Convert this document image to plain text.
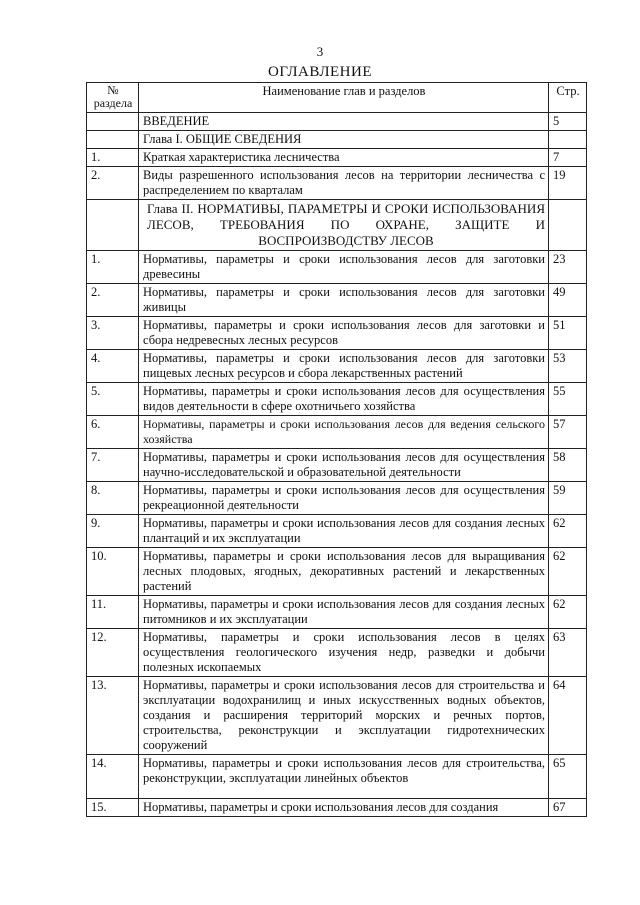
3
ОГЛАВЛЕНИЕ
№ раздела	Наименование глав и разделов	Стр.
	ВВЕДЕНИЕ	5
	Глава I. ОБЩИЕ СВЕДЕНИЯ	
1.	Краткая характеристика лесничества	7
2.	Виды разрешенного использования лесов на территории лесничества с распределением по кварталам	19
	Глава II. НОРМАТИВЫ, ПАРАМЕТРЫ И СРОКИ ИСПОЛЬЗОВАНИЯ ЛЕСОВ, ТРЕБОВАНИЯ ПО ОХРАНЕ, ЗАЩИТЕ И ВОСПРОИЗВОДСТВУ ЛЕСОВ	
1.	Нормативы, параметры и сроки использования лесов для заготовки древесины	23
2.	Нормативы, параметры и сроки использования лесов для заготовки живицы	49
3.	Нормативы, параметры и сроки использования лесов для заготовки и сбора недревесных лесных ресурсов	51
4.	Нормативы, параметры и сроки использования лесов для заготовки пищевых лесных ресурсов и сбора лекарственных растений	53
5.	Нормативы, параметры и сроки использования лесов для осуществления видов деятельности в сфере охотничьего хозяйства	55
6.	Нормативы, параметры и сроки использования лесов для ведения сельского хозяйства	57
7.	Нормативы, параметры и сроки использования лесов для осуществления научно-исследовательской и образовательной деятельности	58
8.	Нормативы, параметры и сроки использования лесов для осуществления рекреационной деятельности	59
9.	Нормативы, параметры и сроки использования лесов для создания лесных плантаций и их эксплуатации	62
10.	Нормативы, параметры и сроки использования лесов для выращивания лесных плодовых, ягодных, декоративных растений и лекарственных растений	62
11.	Нормативы, параметры и сроки использования лесов для создания лесных питомников и их эксплуатации	62
12.	Нормативы, параметры и сроки использования лесов в целях осуществления геологического изучения недр, разведки и добычи полезных ископаемых	63
13.	Нормативы, параметры и сроки использования лесов для строительства и эксплуатации водохранилищ и иных искусственных водных объектов, создания и расширения территорий морских и речных портов, строительства, реконструкции и эксплуатации гидротехнических сооружений	64
14.	Нормативы, параметры и сроки использования лесов для строительства, реконструкции, эксплуатации линейных объектов	65
15.	Нормативы, параметры и сроки использования лесов для создания	67
